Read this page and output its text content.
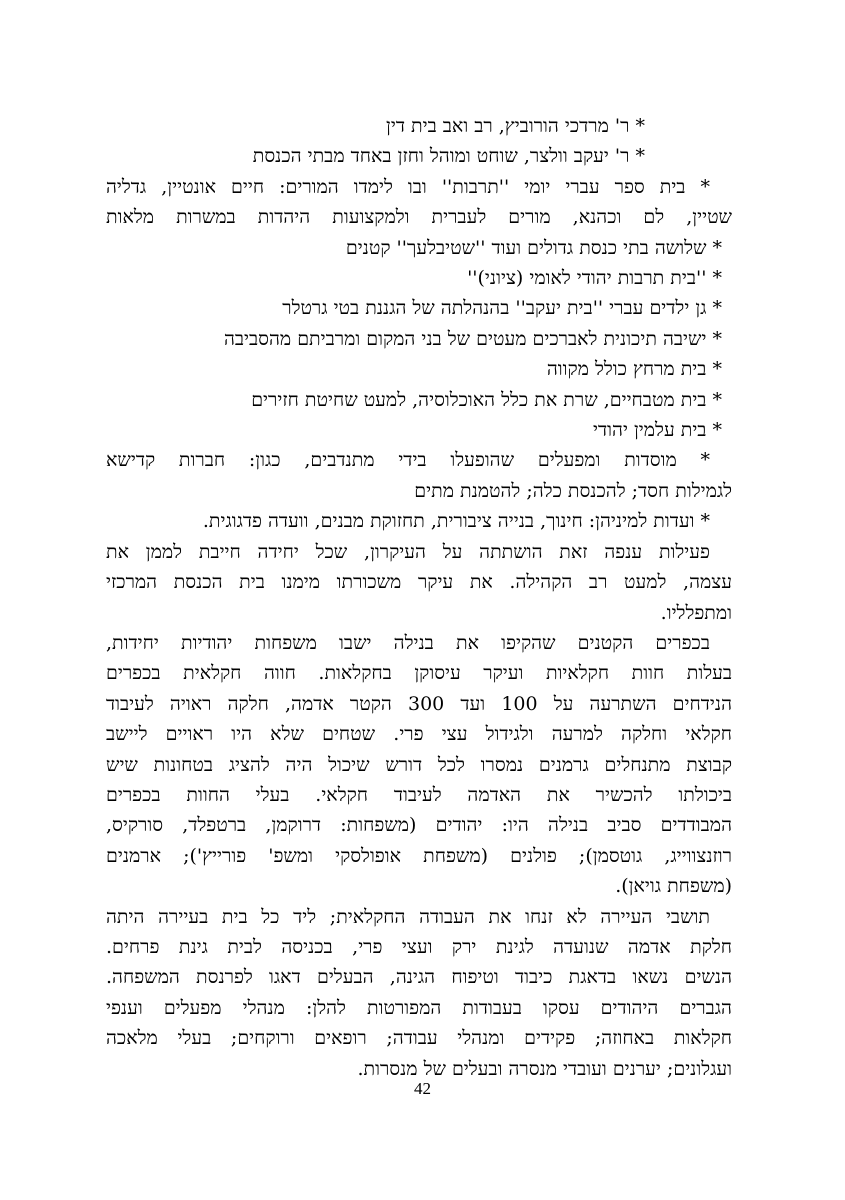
* ר' מרדכי הורוביץ, רב ואב בית דין
* ר' יעקב וולצר, שוחט ומוהל וחזן באחד מבתי הכנסת
* בית ספר עברי יומי ''תרבות'' ובו לימדו המורים: חיים אונטיין, גדליה
שטיין, לם וכהנא, מורים לעברית ולמקצועות היהדות במשרות מלאות
* שלושה בתי כנסת גדולים ועוד ''שטיבלעך'' קטנים
* ''בית תרבות יהודי לאומי (ציוני)''
* גן ילדים עברי ''בית יעקב'' בהנהלתה של הגננת בטי גרטלר
* ישיבה תיכונית לאברכים מעטים של בני המקום ומרביתם מהסביבה
* בית מרחץ כולל מקווה
* בית מטבחיים, שרת את כלל האוכלוסיה, למעט שחיטת חזירים
* בית עלמין יהודי
* מוסדות ומפעלים שהופעלו בידי מתנדבים, כגון: חברות קדישא
לגמילות חסד; להכנסת כלה; להטמנת מתים
* ועדות למיניהן: חינוך, בנייה ציבורית, תחזוקת מבנים, וועדה פדגוגית.
פעילות ענפה זאת הושתתה על העיקרון, שכל יחידה חייבת לממן את
עצמה, למעט רב הקהילה. את עיקר משכורתו מימנו בית הכנסת המרכזי
ומתפלליו.
בכפרים הקטנים שהקיפו את בנילה ישבו משפחות יהודיות יחידות,
בעלות חוות חקלאיות ועיקר עיסוקן בחקלאות. חווה חקלאית בכפרים
הנידחים השתרעה על 100 ועד 300 הקטר אדמה, חלקה ראויה לעיבוד
חקלאי וחלקה למרעה ולגידול עצי פרי. שטחים שלא היו ראויים ליישב
קבוצת מתנחלים גרמנים נמסרו לכל דורש שיכול היה להציג בטחונות שיש
ביכולתו להכשיר את האדמה לעיבוד חקלאי. בעלי החוות בכפרים
המבודדים סביב בנילה היו: יהודים (משפחות: דרוקמן, ברטפלד, סורקיס,
רוזנצווייג, גוטסמן); פולנים (משפחת אופולסקי ומשפ' פורייץ'); ארמנים
(משפחת גויאן).
תושבי העיירה לא זנחו את העבודה החקלאית; ליד כל בית בעיירה היתה
חלקת אדמה שנועדה לגינת ירק ועצי פרי, בכניסה לבית גינת פרחים.
הנשים נשאו בדאגת כיבוד וטיפוח הגינה, הבעלים דאגו לפרנסת המשפחה.
הגברים היהודים עסקו בעבודות המפורטות להלן: מנהלי מפעלים וענפי
חקלאות באחוזה; פקידים ומנהלי עבודה; רופאים ורוקחים; בעלי מלאכה
ועגלונים; יערנים ועובדי מנסרה ובעלים של מנסרות.
42
